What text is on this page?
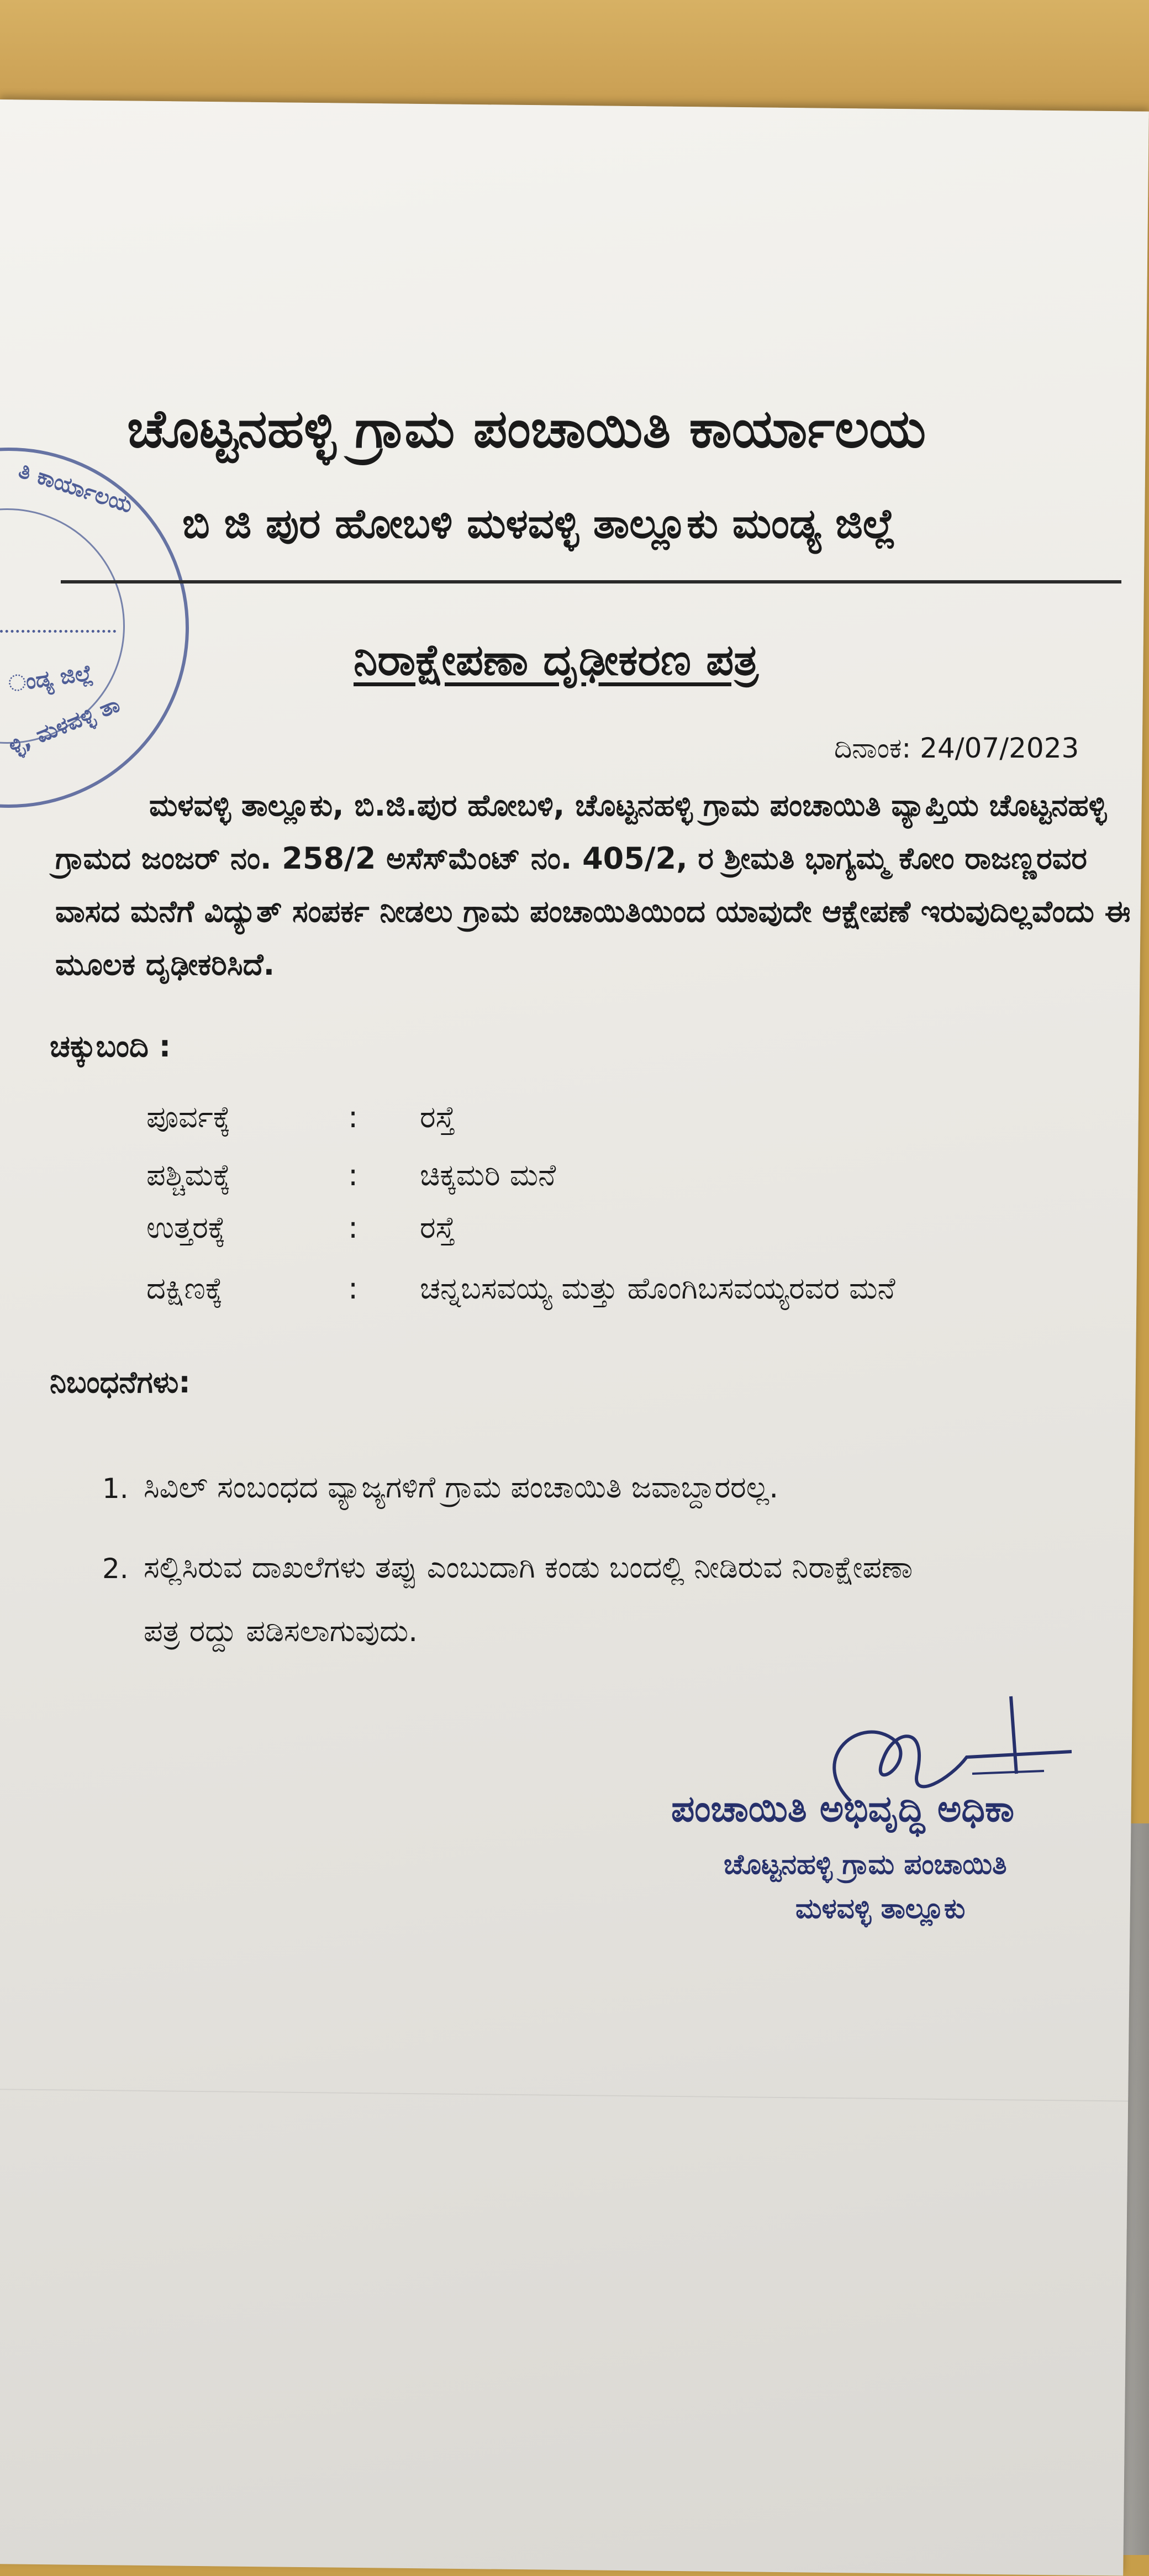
ತಿ ಕಾರ್ಯಾಲಯ
ಂಡ್ಯ ಜಿಲ್ಲೆ
ಳ್ಳಿ, ಮಳವಳ್ಳಿ ತಾ
ಚೊಟ್ಟನಹಳ್ಳಿ ಗ್ರಾಮ ಪಂಚಾಯಿತಿ ಕಾರ್ಯಾಲಯ
ಬಿ ಜಿ ಪುರ ಹೋಬಳಿ ಮಳವಳ್ಳಿ ತಾಲ್ಲೂಕು ಮಂಡ್ಯ ಜಿಲ್ಲೆ
ನಿರಾಕ್ಷೇಪಣಾ ದೃಢೀಕರಣ ಪತ್ರ
ದಿನಾಂಕ: 24/07/2023
ಮಳವಳ್ಳಿ ತಾಲ್ಲೂಕು, ಬಿ.ಜಿ.ಪುರ ಹೋಬಳಿ, ಚೊಟ್ಟನಹಳ್ಳಿ ಗ್ರಾಮ ಪಂಚಾಯಿತಿ ವ್ಯಾಪ್ತಿಯ ಚೊಟ್ಟನಹಳ್ಳಿ ಗ್ರಾಮದ ಜಂಜರ್ ನಂ. 258/2 ಅಸೆಸ್‌ಮೆಂಟ್ ನಂ. 405/2, ರ ಶ್ರೀಮತಿ ಭಾಗ್ಯಮ್ಮ ಕೋಂ ರಾಜಣ್ಣರವರ ವಾಸದ ಮನೆಗೆ ವಿದ್ಯುತ್ ಸಂಪರ್ಕ ನೀಡಲು ಗ್ರಾಮ ಪಂಚಾಯಿತಿಯಿಂದ ಯಾವುದೇ ಆಕ್ಷೇಪಣೆ ಇರುವುದಿಲ್ಲವೆಂದು ಈ ಮೂಲಕ ದೃಢೀಕರಿಸಿದೆ.
ಚಕ್ಕುಬಂದಿ :
ಪೂರ್ವಕ್ಕೆ	: ರಸ್ತೆ
ಪಶ್ಚಿಮಕ್ಕೆ	: ಚಿಕ್ಕಮರಿ ಮನೆ
ಉತ್ತರಕ್ಕೆ	: ರಸ್ತೆ
ದಕ್ಷಿಣಕ್ಕೆ	: ಚನ್ನಬಸವಯ್ಯ ಮತ್ತು ಹೊಂಗಿಬಸವಯ್ಯರವರ ಮನೆ
ನಿಬಂಧನೆಗಳು:
1. ಸಿವಿಲ್ ಸಂಬಂಧದ ವ್ಯಾಜ್ಯಗಳಿಗೆ ಗ್ರಾಮ ಪಂಚಾಯಿತಿ ಜವಾಬ್ದಾರರಲ್ಲ.
2. ಸಲ್ಲಿಸಿರುವ ದಾಖಲೆಗಳು ತಪ್ಪು ಎಂಬುದಾಗಿ ಕಂಡು ಬಂದಲ್ಲಿ ನೀಡಿರುವ ನಿರಾಕ್ಷೇಪಣಾ
ಪತ್ರ ರದ್ದು ಪಡಿಸಲಾಗುವುದು.
ಪಂಚಾಯಿತಿ ಅಭಿವೃದ್ಧಿ ಅಧಿಕಾ
ಚೊಟ್ಟನಹಳ್ಳಿ ಗ್ರಾಮ ಪಂಚಾಯಿತಿ
ಮಳವಳ್ಳಿ ತಾಲ್ಲೂಕು
